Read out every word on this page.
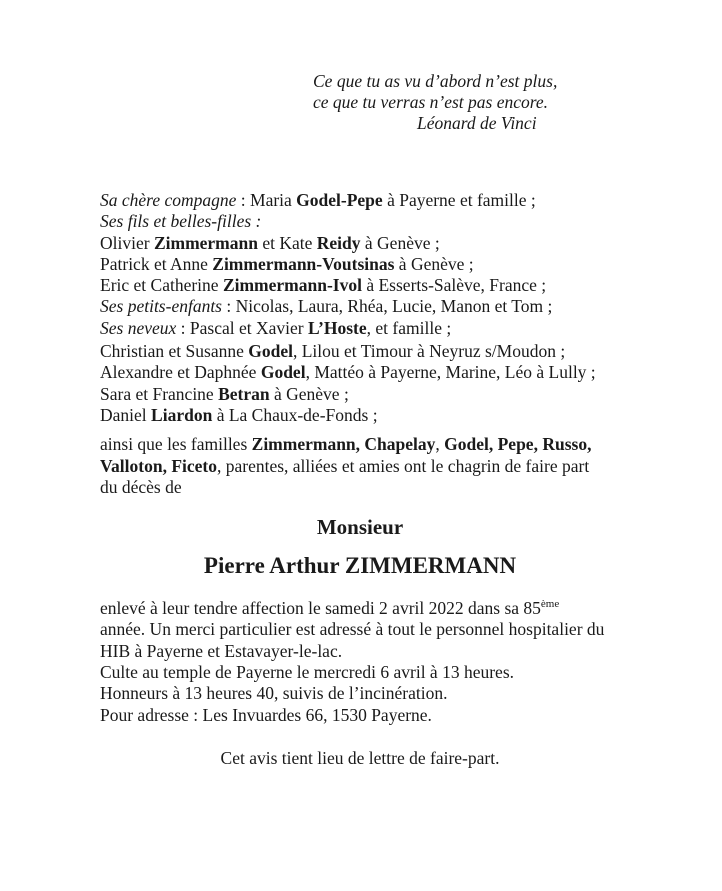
Ce que tu as vu d’abord n’est plus,
ce que tu verras n’est pas encore.
Léonard de Vinci
Sa chère compagne : Maria Godel-Pepe à Payerne et famille ;
Ses fils et belles-filles :
Olivier Zimmermann et Kate Reidy à Genève ;
Patrick et Anne Zimmermann-Voutsinas à Genève ;
Eric et Catherine Zimmermann-Ivol à Esserts-Salève, France ;
Ses petits-enfants : Nicolas, Laura, Rhéa, Lucie, Manon et Tom ;
Ses neveux : Pascal et Xavier L’Hoste, et famille ;
Christian et Susanne Godel, Lilou et Timour à Neyruz s/Moudon ;
Alexandre et Daphnée Godel, Mattéo à Payerne, Marine, Léo à Lully ;
Sara et Francine Betran à Genève ;
Daniel Liardon à La Chaux-de-Fonds ;
ainsi que les familles Zimmermann, Chapelay, Godel, Pepe, Russo,
Valloton, Ficeto, parentes, alliées et amies ont le chagrin de faire part
du décès de
Monsieur
Pierre Arthur ZIMMERMANN
enlevé à leur tendre affection le samedi 2 avril 2022 dans sa 85ème
année. Un merci particulier est adressé à tout le personnel hospitalier du
HIB à Payerne et Estavayer-le-lac.
Culte au temple de Payerne le mercredi 6 avril à 13 heures.
Honneurs à 13 heures 40, suivis de l’incinération.
Pour adresse : Les Invuardes 66, 1530 Payerne.
Cet avis tient lieu de lettre de faire-part.
